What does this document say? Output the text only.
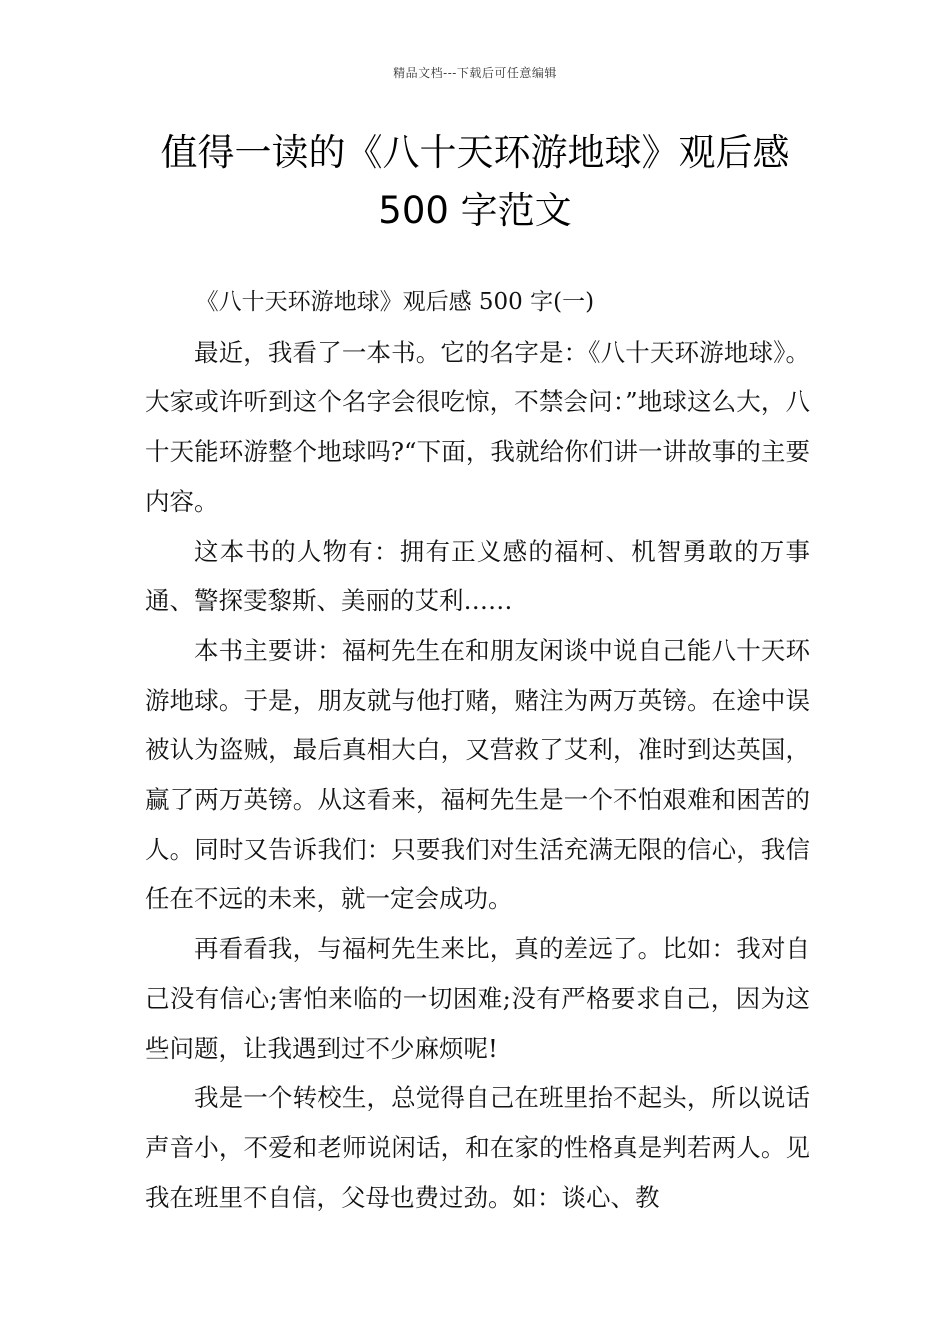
精品文档---下载后可任意编辑
值得一读的《八十天环游地球》观后感
500 字范文

《八十天环游地球》观后感 500 字(一)

最近，我看了一本书。它的名字是：《八十天环游地球》。大家或许听到这个名字会很吃惊，不禁会问：”地球这么大，八十天能环游整个地球吗?“下面，我就给你们讲一讲故事的主要内容。

这本书的人物有：拥有正义感的福柯、机智勇敢的万事通、警探雯黎斯、美丽的艾利……

本书主要讲：福柯先生在和朋友闲谈中说自己能八十天环游地球。于是，朋友就与他打赌，赌注为两万英镑。在途中误被认为盗贼，最后真相大白，又营救了艾利，准时到达英国，赢了两万英镑。从这看来，福柯先生是一个不怕艰难和困苦的人。同时又告诉我们：只要我们对生活充满无限的信心，我信任在不远的未来，就一定会成功。

再看看我，与福柯先生来比，真的差远了。比如：我对自己没有信心;害怕来临的一切困难;没有严格要求自己，因为这些问题，让我遇到过不少麻烦呢!

我是一个转校生，总觉得自己在班里抬不起头，所以说话声音小，不爱和老师说闲话，和在家的性格真是判若两人。见我在班里不自信，父母也费过劲。如：谈心、教
